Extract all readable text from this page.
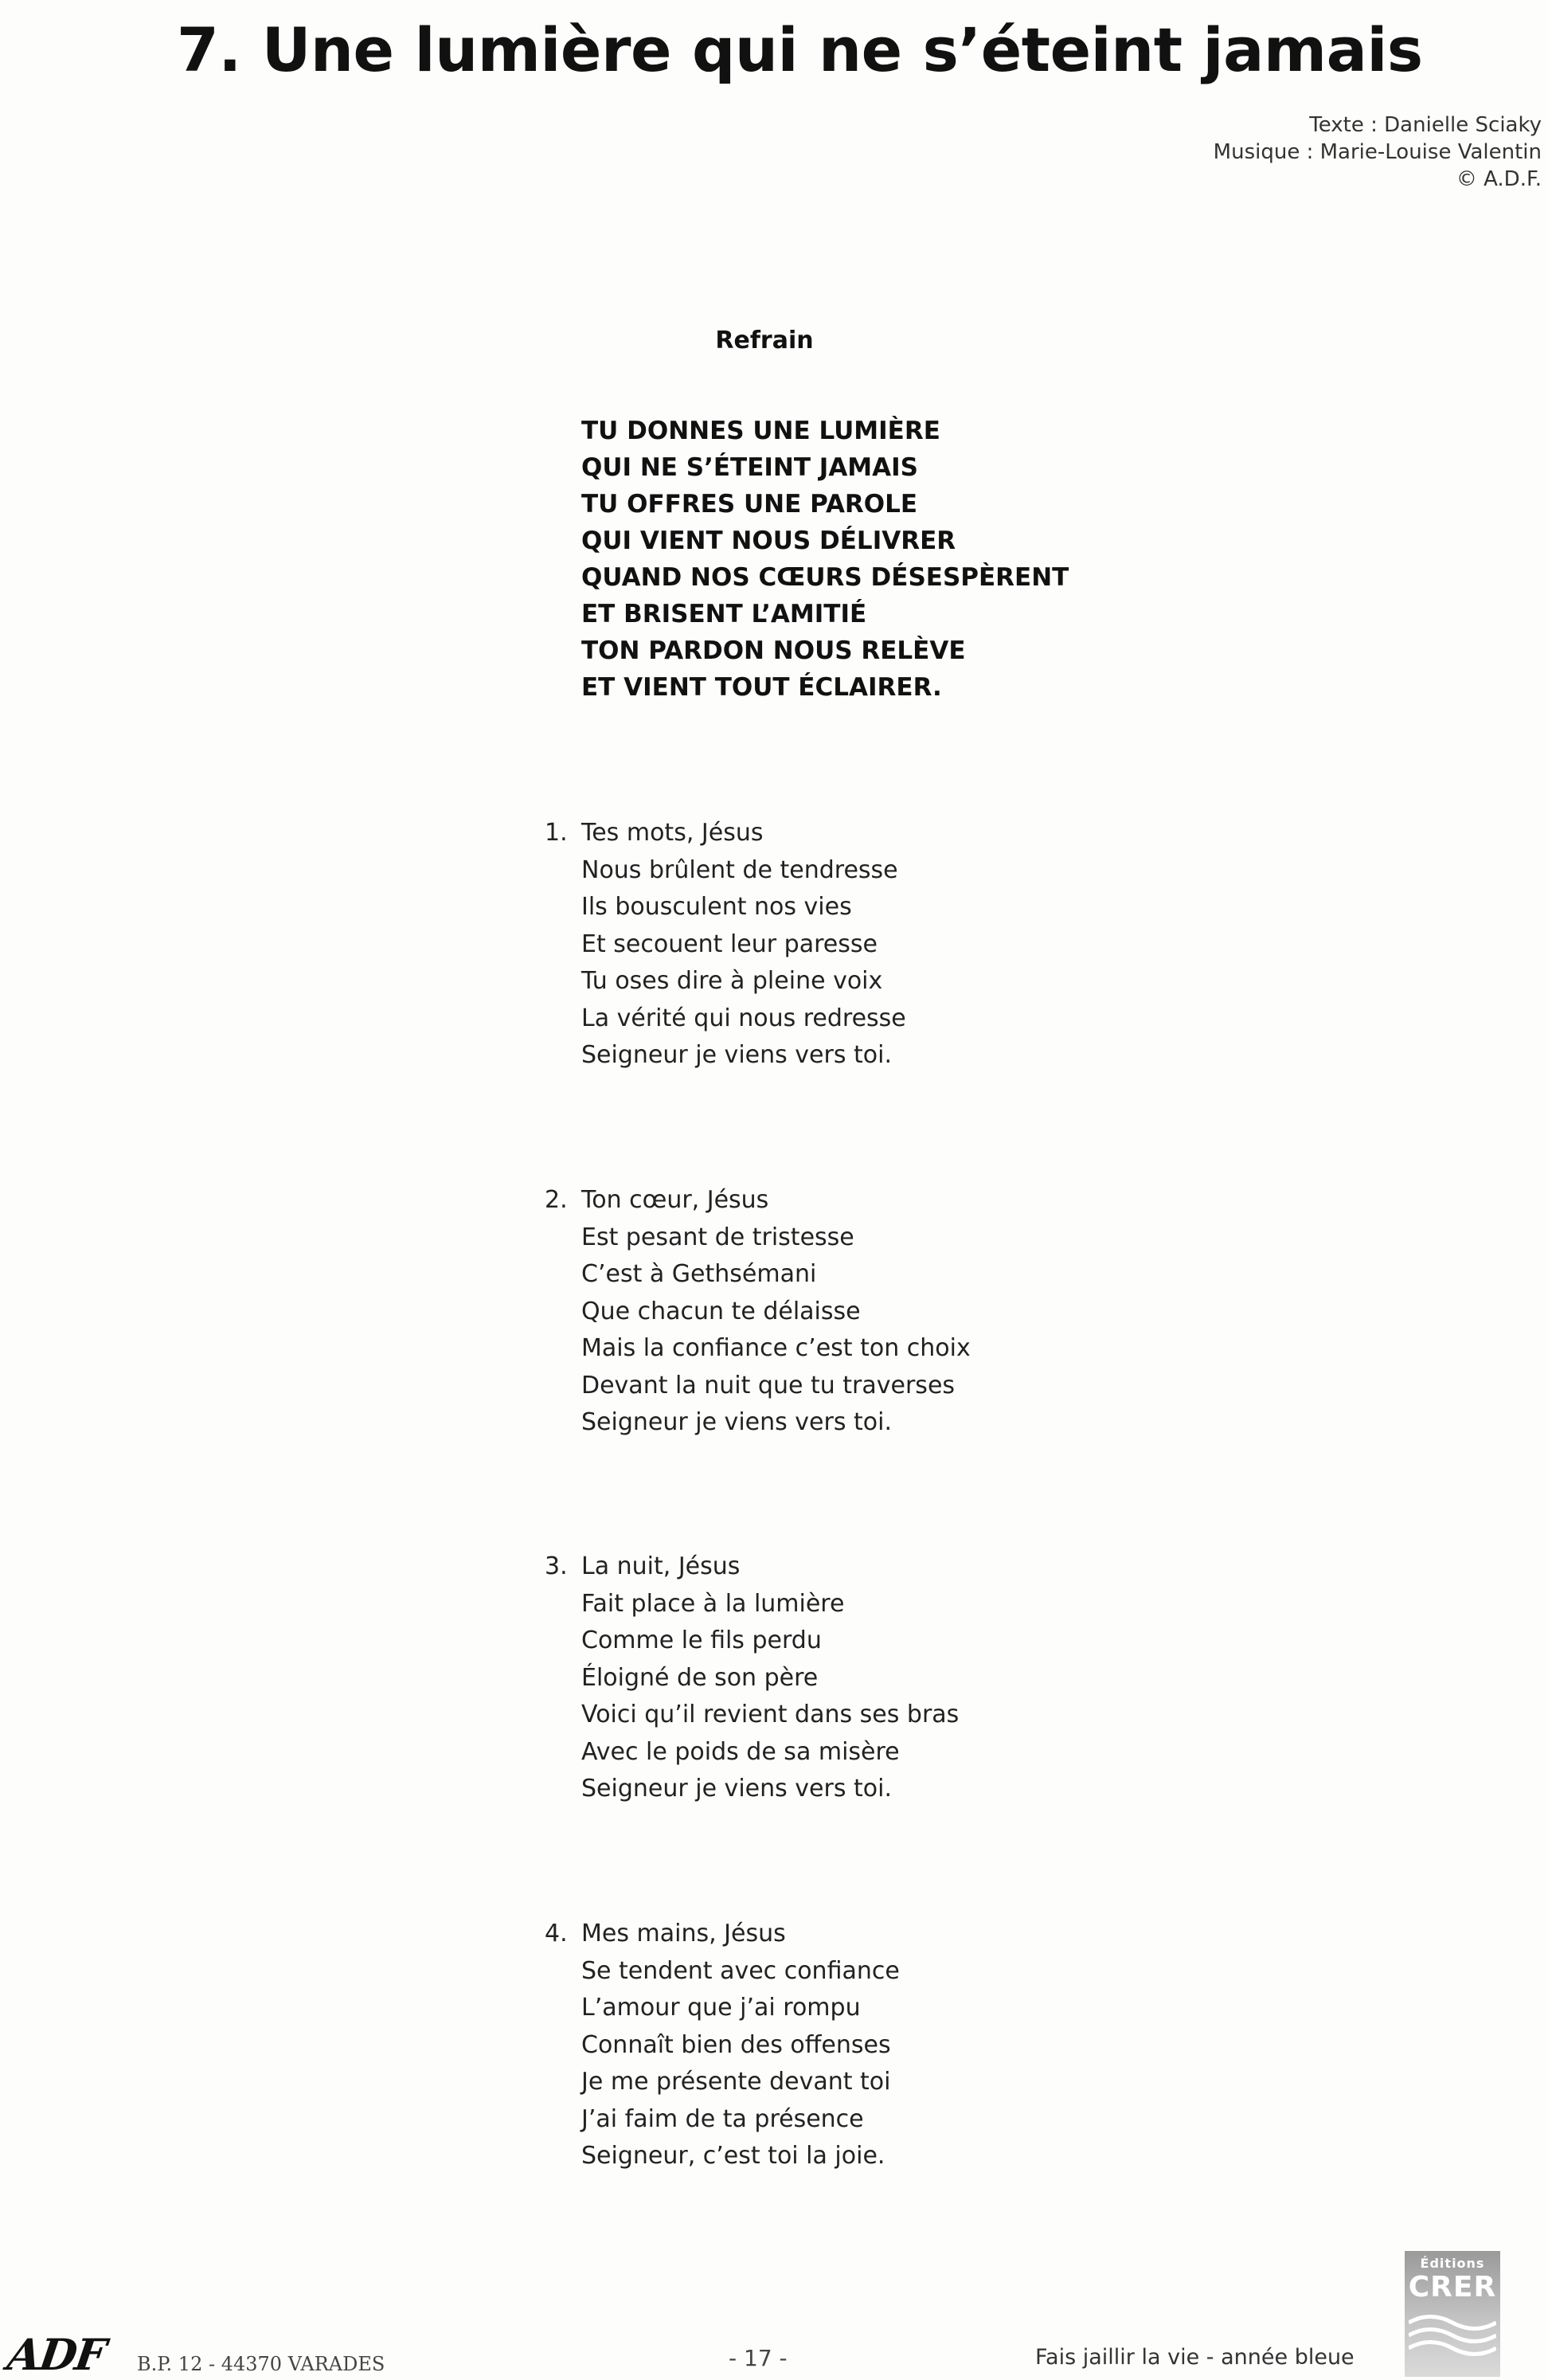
7. Une lumière qui ne s’éteint jamais
Texte : Danielle Sciaky
Musique : Marie-Louise Valentin
© A.D.F.

Refrain

TU DONNES UNE LUMIÈRE
QUI NE S’ÉTEINT JAMAIS
TU OFFRES UNE PAROLE
QUI VIENT NOUS DÉLIVRER
QUAND NOS CŒURS DÉSESPÈRENT
ET BRISENT L’AMITIÉ
TON PARDON NOUS RELÈVE
ET VIENT TOUT ÉCLAIRER.
1. Tes mots, Jésus
Nous brûlent de tendresse
Ils bousculent nos vies
Et secouent leur paresse
Tu oses dire à pleine voix
La vérité qui nous redresse
Seigneur je viens vers toi.
2. Ton cœur, Jésus
Est pesant de tristesse
C’est à Gethsémani
Que chacun te délaisse
Mais la confiance c’est ton choix
Devant la nuit que tu traverses
Seigneur je viens vers toi.
3. La nuit, Jésus
Fait place à la lumière
Comme le fils perdu
Éloigné de son père
Voici qu’il revient dans ses bras
Avec le poids de sa misère
Seigneur je viens vers toi.
4. Mes mains, Jésus
Se tendent avec confiance
L’amour que j’ai rompu
Connaît bien des offenses
Je me présente devant toi
J’ai faim de ta présence
Seigneur, c’est toi la joie.
ADF B.P. 12 - 44370 VARADES	- 17 -	Fais jaillir la vie - année bleue
Éditions
CRER
